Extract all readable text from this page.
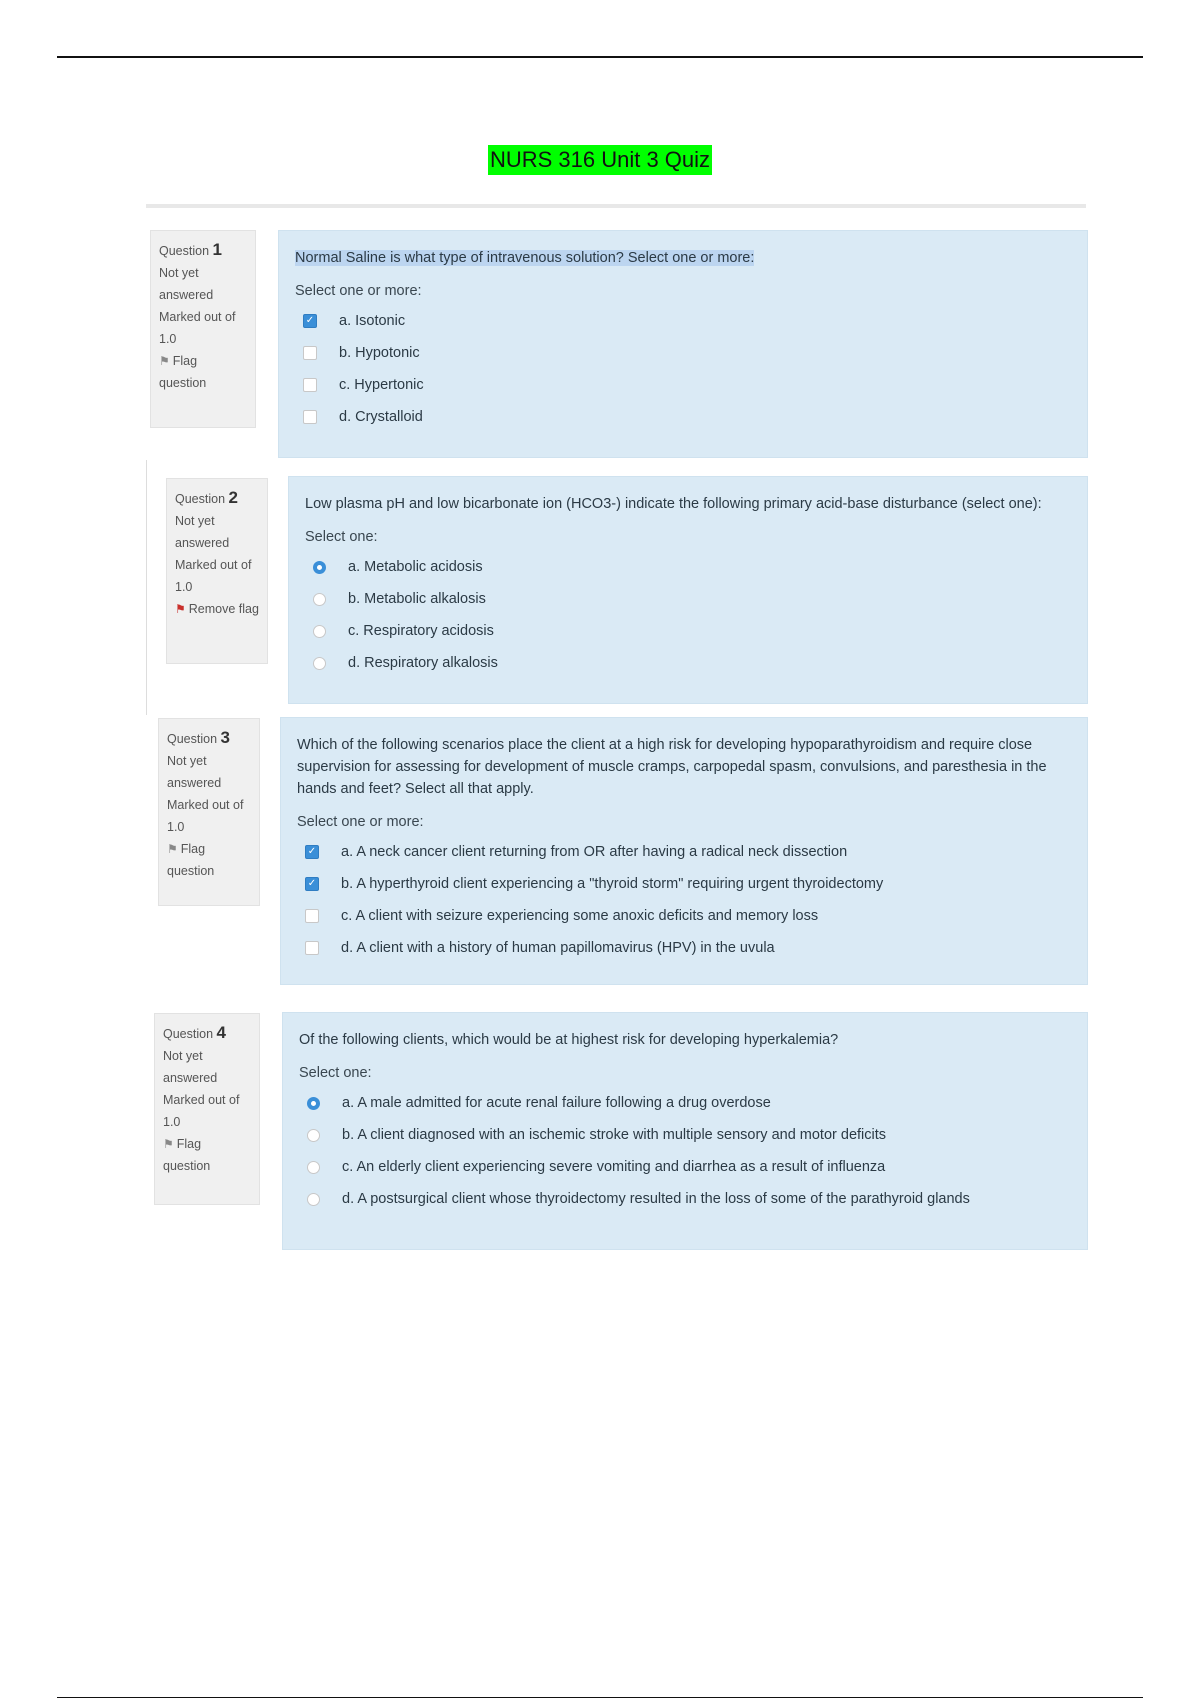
NURS 316 Unit 3 Quiz
Question 1
Not yet answered
Marked out of 1.0
⚑ Flag question
Normal Saline is what type of intravenous solution? Select one or more:
Select one or more:
✓ a. Isotonic
b. Hypotonic
c. Hypertonic
d. Crystalloid
Question 2
Not yet answered
Marked out of 1.0
⚑ Remove flag
Low plasma pH and low bicarbonate ion (HCO3-) indicate the following primary acid-base disturbance (select one):
Select one:
a. Metabolic acidosis
b. Metabolic alkalosis
c. Respiratory acidosis
d. Respiratory alkalosis
Question 3
Not yet answered
Marked out of 1.0
⚑ Flag question
Which of the following scenarios place the client at a high risk for developing hypoparathyroidism and require close supervision for assessing for development of muscle cramps, carpopedal spasm, convulsions, and paresthesia in the hands and feet? Select all that apply.
Select one or more:
✓ a. A neck cancer client returning from OR after having a radical neck dissection
✓ b. A hyperthyroid client experiencing a "thyroid storm" requiring urgent thyroidectomy
c. A client with seizure experiencing some anoxic deficits and memory loss
d. A client with a history of human papillomavirus (HPV) in the uvula
Question 4
Not yet answered
Marked out of 1.0
⚑ Flag question
Of the following clients, which would be at highest risk for developing hyperkalemia?
Select one:
a. A male admitted for acute renal failure following a drug overdose
b. A client diagnosed with an ischemic stroke with multiple sensory and motor deficits
c. An elderly client experiencing severe vomiting and diarrhea as a result of influenza
d. A postsurgical client whose thyroidectomy resulted in the loss of some of the parathyroid glands
